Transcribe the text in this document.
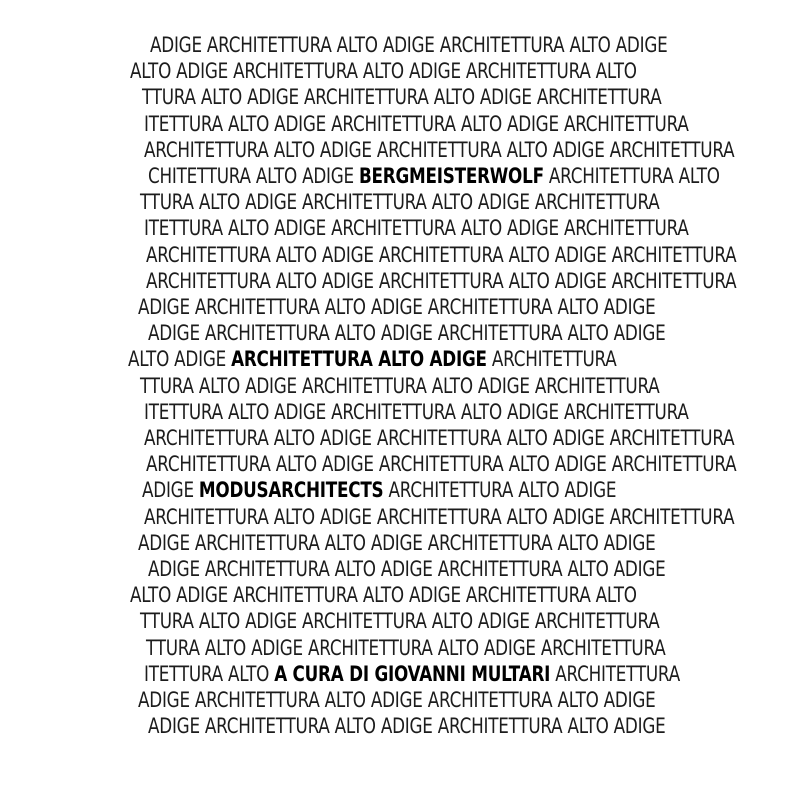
ADIGE ARCHITETTURA ALTO ADIGE ARCHITETTURA ALTO ADIGE
ALTO ADIGE ARCHITETTURA ALTO ADIGE ARCHITETTURA ALTO
TTURA ALTO ADIGE ARCHITETTURA ALTO ADIGE ARCHITETTURA
ITETTURA ALTO ADIGE ARCHITETTURA ALTO ADIGE ARCHITETTURA
ARCHITETTURA ALTO ADIGE ARCHITETTURA ALTO ADIGE ARCHITETTURA
CHITETTURA ALTO ADIGE BERGMEISTERWOLF ARCHITETTURA ALTO
TTURA ALTO ADIGE ARCHITETTURA ALTO ADIGE ARCHITETTURA
ITETTURA ALTO ADIGE ARCHITETTURA ALTO ADIGE ARCHITETTURA
ARCHITETTURA ALTO ADIGE ARCHITETTURA ALTO ADIGE ARCHITETTURA
ARCHITETTURA ALTO ADIGE ARCHITETTURA ALTO ADIGE ARCHITETTURA
ADIGE ARCHITETTURA ALTO ADIGE ARCHITETTURA ALTO ADIGE
ADIGE ARCHITETTURA ALTO ADIGE ARCHITETTURA ALTO ADIGE
ALTO ADIGE ARCHITETTURA ALTO ADIGE ARCHITETTURA
TTURA ALTO ADIGE ARCHITETTURA ALTO ADIGE ARCHITETTURA
ITETTURA ALTO ADIGE ARCHITETTURA ALTO ADIGE ARCHITETTURA
ARCHITETTURA ALTO ADIGE ARCHITETTURA ALTO ADIGE ARCHITETTURA
ARCHITETTURA ALTO ADIGE ARCHITETTURA ALTO ADIGE ARCHITETTURA
ADIGE MODUSARCHITECTS ARCHITETTURA ALTO ADIGE
ARCHITETTURA ALTO ADIGE ARCHITETTURA ALTO ADIGE ARCHITETTURA
ADIGE ARCHITETTURA ALTO ADIGE ARCHITETTURA ALTO ADIGE
ADIGE ARCHITETTURA ALTO ADIGE ARCHITETTURA ALTO ADIGE
ALTO ADIGE ARCHITETTURA ALTO ADIGE ARCHITETTURA ALTO
TTURA ALTO ADIGE ARCHITETTURA ALTO ADIGE ARCHITETTURA
TTURA ALTO ADIGE ARCHITETTURA ALTO ADIGE ARCHITETTURA
ITETTURA ALTO A CURA DI GIOVANNI MULTARI ARCHITETTURA
ADIGE ARCHITETTURA ALTO ADIGE ARCHITETTURA ALTO ADIGE
ADIGE ARCHITETTURA ALTO ADIGE ARCHITETTURA ALTO ADIGE
